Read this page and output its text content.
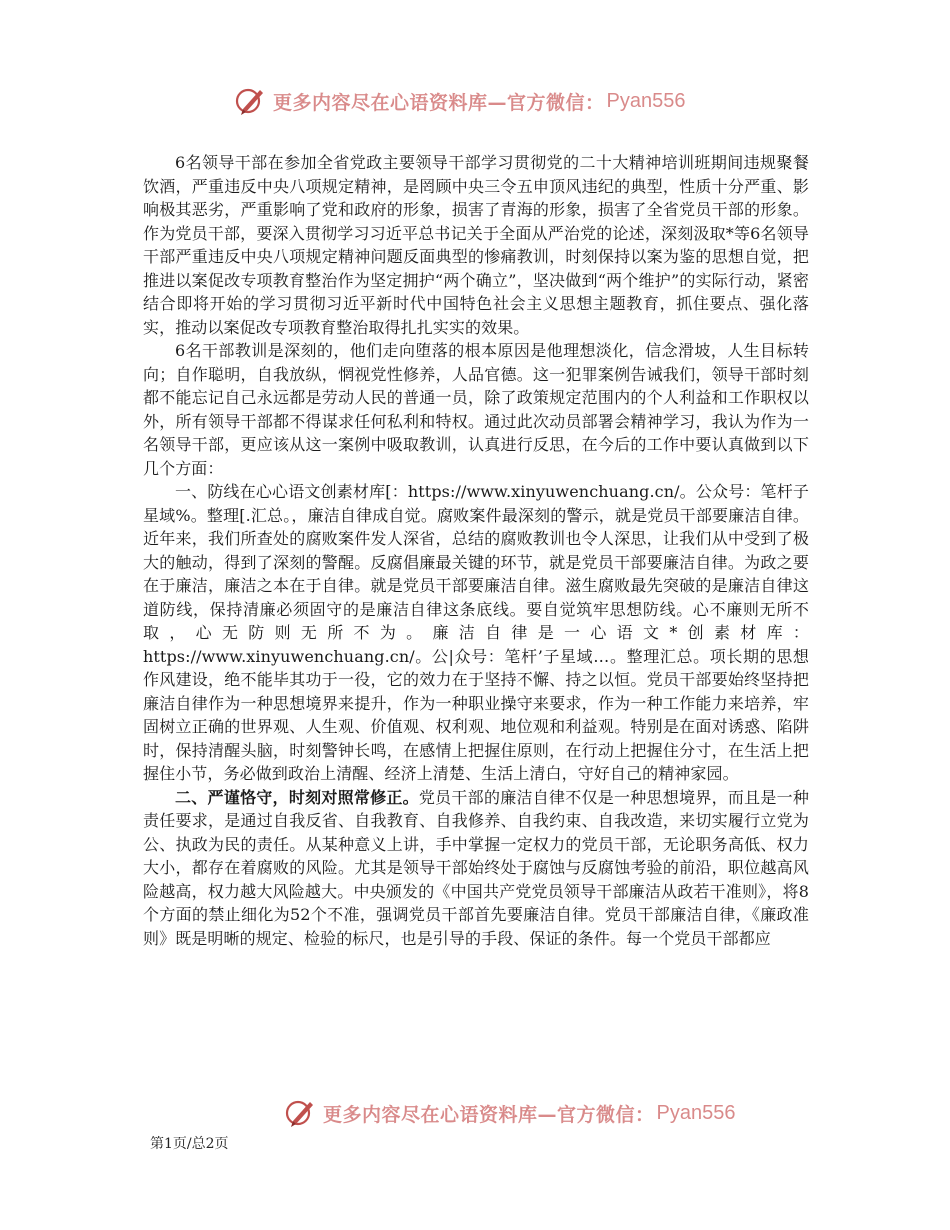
更多内容尽在心语资料库—官方微信： Pyan556

6名领导干部在参加全省党政主要领导干部学习贯彻党的二十大精神培训班期间违规聚餐饮酒，严重违反中央八项规定精神，是罔顾中央三令五申顶风违纪的典型，性质十分严重、影响极其恶劣，严重影响了党和政府的形象，损害了青海的形象，损害了全省党员干部的形象。作为党员干部，要深入贯彻学习习近平总书记关于全面从严治党的论述，深刻汲取*等6名领导干部严重违反中央八项规定精神问题反面典型的惨痛教训，时刻保持以案为鉴的思想自觉，把推进以案促改专项教育整治作为坚定拥护“两个确立”，坚决做到“两个维护”的实际行动，紧密结合即将开始的学习贯彻习近平新时代中国特色社会主义思想主题教育，抓住要点、强化落实，推动以案促改专项教育整治取得扎扎实实的效果。

6名干部教训是深刻的，他们走向堕落的根本原因是他理想淡化，信念滑坡，人生目标转向；自作聪明，自我放纵，惘视党性修养，人品官德。这一犯罪案例告诫我们，领导干部时刻都不能忘记自己永远都是劳动人民的普通一员，除了政策规定范围内的个人利益和工作职权以外，所有领导干部都不得谋求任何私利和特权。通过此次动员部署会精神学习，我认为作为一名领导干部，更应该从这一案例中吸取教训，认真进行反思，在今后的工作中要认真做到以下几个方面：

一、防线在心心语文创素材库[：https://www.xinyuwenchuang.cn/。公众号：笔杆子星域%。整理[.汇总。，廉洁自律成自觉。腐败案件最深刻的警示，就是党员干部要廉洁自律。近年来，我们所查处的腐败案件发人深省，总结的腐败教训也令人深思，让我们从中受到了极大的触动，得到了深刻的警醒。反腐倡廉最关键的环节，就是党员干部要廉洁自律。为政之要在于廉洁，廉洁之本在于自律。就是党员干部要廉洁自律。滋生腐败最先突破的是廉洁自律这道防线，保持清廉必须固守的是廉洁自律这条底线。要自觉筑牢思想防线。心不廉则无所不取，心无防则无所不为。廉洁自律是一心语文*创素材库：https://www.xinyuwenchuang.cn/。公|众号：笔杆’子星域…。整理汇总。项长期的思想作风建设，绝不能毕其功于一役，它的效力在于坚持不懈、持之以恒。党员干部要始终坚持把廉洁自律作为一种思想境界来提升，作为一种职业操守来要求，作为一种工作能力来培养，牢固树立正确的世界观、人生观、价值观、权利观、地位观和利益观。特别是在面对诱惑、陷阱时，保持清醒头脑，时刻警钟长鸣，在感情上把握住原则，在行动上把握住分寸，在生活上把握住小节，务必做到政治上清醒、经济上清楚、生活上清白，守好自己的精神家园。

二、严谨恪守，时刻对照常修正。党员干部的廉洁自律不仅是一种思想境界，而且是一种责任要求，是通过自我反省、自我教育、自我修养、自我约束、自我改造，来切实履行立党为公、执政为民的责任。从某种意义上讲，手中掌握一定权力的党员干部，无论职务高低、权力大小，都存在着腐败的风险。尤其是领导干部始终处于腐蚀与反腐蚀考验的前沿，职位越高风险越高，权力越大风险越大。中央颁发的《中国共产党党员领导干部廉洁从政若干准则》，将8个方面的禁止细化为52个不准，强调党员干部首先要廉洁自律。党员干部廉洁自律，《廉政准则》既是明晰的规定、检验的标尺，也是引导的手段、保证的条件。每一个党员干部都应

更多内容尽在心语资料库—官方微信： Pyan556
第1页/总2页
